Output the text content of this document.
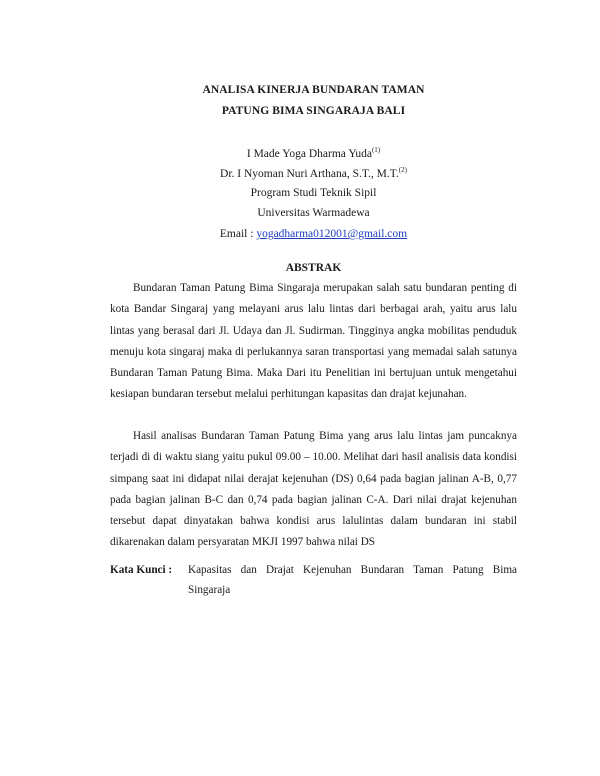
ANALISA KINERJA BUNDARAN TAMAN
PATUNG BIMA SINGARAJA BALI
I Made Yoga Dharma Yuda$^{(1)}$
Dr. I Nyoman Nuri Arthana, S.T., M.T.$^{(2)}$
Program Studi Teknik Sipil
Universitas Warmadewa
Email : yogadharma012001@gmail.com
ABSTRAK

Bundaran Taman Patung Bima Singaraja merupakan salah satu bundaran penting di kota Bandar Singaraj yang melayani arus lalu lintas dari berbagai arah, yaitu arus lalu lintas yang berasal dari Jl. Udaya dan Jl. Sudirman. Tingginya angka mobilitas penduduk menuju kota singaraj maka di perlukannya saran transportasi yang memadai salah satunya Bundaran Taman Patung Bima. Maka Dari itu Penelitian ini bertujuan untuk mengetahui kesiapan bundaran tersebut melalui perhitungan kapasitas dan drajat kejunahan.

Hasil analisas Bundaran Taman Patung Bima yang arus lalu lintas jam puncaknya terjadi di di waktu siang yaitu pukul 09.00 – 10.00. Melihat dari hasil analisis data kondisi simpang saat ini didapat nilai derajat kejenuhan (DS) 0,64 pada bagian jalinan A-B, 0,77 pada bagian jalinan B-C dan 0,74 pada bagian jalinan C-A. Dari nilai drajat kejenuhan tersebut dapat dinyatakan bahwa kondisi arus lalulintas dalam bundaran ini stabil dikarenakan dalam persyaratan MKJI 1997 bahwa nilai DS

Kata Kunci :	Kapasitas dan Drajat Kejenuhan Bundaran Taman Patung Bima Singaraja
